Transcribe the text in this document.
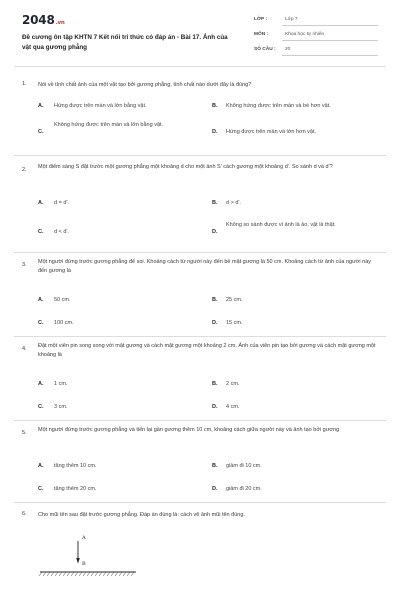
2048.vn
Đề cương ôn tập KHTN 7 Kết nối tri thức có đáp án - Bài 17. Ảnh của vật qua gương phẳng
LỚP :	Lớp 7
MÔN :	Khoa học tự nhiên
SỐ CÂU : 20
1. Nói về tính chất ảnh của một vật tạo bởi gương phẳng, tính chất nào dưới đây là đúng?
A. Hứng được trên màn và lớn bằng vật.	B. Không hứng được trên màn và bé hơn vật.
C.
Không hứng được trên màn và lớn bằng vật.
D. Hứng được trên màn và lớn hơn vật.
2. Một điểm sáng S đặt trước một gương phẳng một khoảng d cho một ảnh S' cách gương một khoảng d'. So sánh d và d'?
A. d = d'.	B. d > d'.
C. d < d'.	D.
Không so sánh được vì ảnh là ảo, vật là thật.
3. Một người đứng trước gương phẳng để soi. Khoảng cách từ người này đến bề mặt gương là 50 cm. Khoảng cách từ ảnh của người này đến gương là
A. 50 cm.	B. 25 cm.
C. 100 cm.	D. 15 cm.
4. Đặt một viên pin song song với mặt gương và cách mặt gương một khoảng 2 cm. Ảnh của viên pin tạo bởi gương và cách mặt gương một khoảng là
A. 1 cm.	B. 2 cm.
C. 3 cm.	D. 4 cm.
5. Một người đứng trước gương phẳng và tiến lại gần gương thêm 10 cm, khoảng cách giữa người này và ảnh tạo bởi gương
A. tăng thêm 10 cm.	B. giảm đi 10 cm.
C. tăng thêm 20 cm.	D. giảm đi 20 cm.
6. Cho mũi tên sau đặt trước gương phẳng. Đáp án đúng là: cách vẽ ảnh mũi tên đúng.
A
B
